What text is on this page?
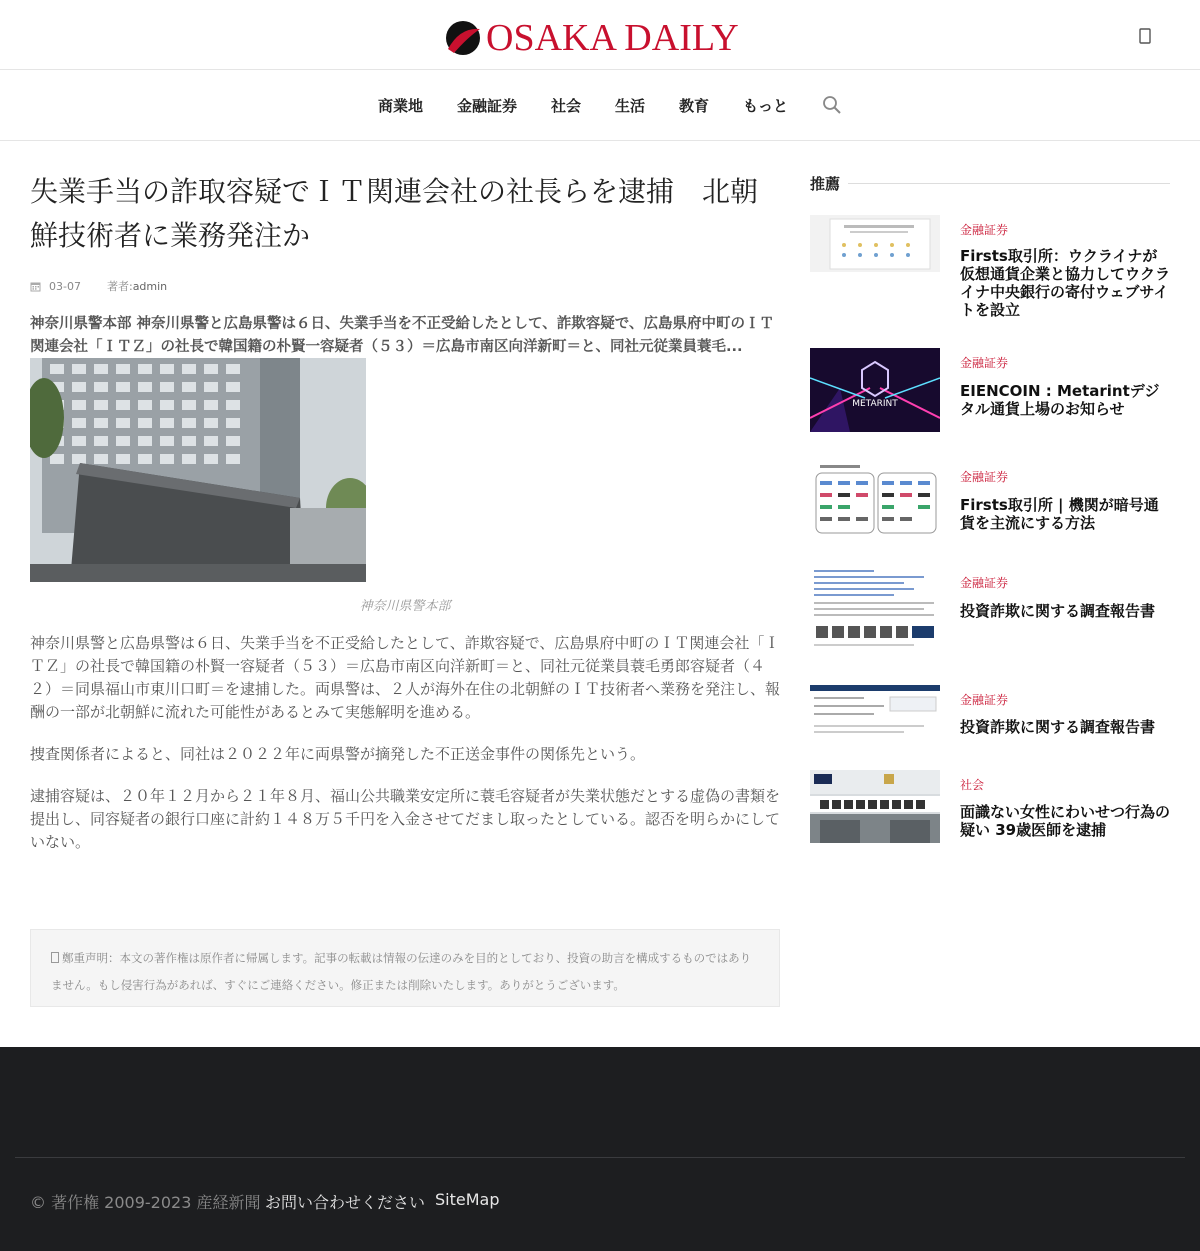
OSAKA DAILY
商業地 金融証券 社会 生活 教育 もっと
失業手当の詐取容疑でＩＴ関連会社の社長らを逮捕　北朝鮮技術者に業務発注か
03-07 著者: admin

神奈川県警本部 神奈川県警と広島県警は６日、失業手当を不正受給したとして、詐欺容疑で、広島県府中町のＩＴ関連会社「ＩＴＺ」の社長で韓国籍の朴賢一容疑者（５３）＝広島市南区向洋新町＝と、同社元従業員蓑毛...

神奈川県警本部

神奈川県警と広島県警は６日、失業手当を不正受給したとして、詐欺容疑で、広島県府中町のＩＴ関連会社「ＩＴＺ」の社長で韓国籍の朴賢一容疑者（５３）＝広島市南区向洋新町＝と、同社元従業員蓑毛勇郎容疑者（４２）＝同県福山市東川口町＝を逮捕した。両県警は、２人が海外在住の北朝鮮のＩＴ技術者へ業務を発注し、報酬の一部が北朝鮮に流れた可能性があるとみて実態解明を進める。

捜査関係者によると、同社は２０２２年に両県警が摘発した不正送金事件の関係先という。

逮捕容疑は、２０年１２月から２１年８月、福山公共職業安定所に蓑毛容疑者が失業状態だとする虚偽の書類を提出し、同容疑者の銀行口座に計約１４８万５千円を入金させてだまし取ったとしている。認否を明らかにしていない。

鄭重声明：本文の著作権は原作者に帰属します。記事の転載は情報の伝達のみを目的としており、投資の助言を構成するものではありません。もし侵害行為があれば、すぐにご連絡ください。修正または削除いたします。ありがとうございます。
推薦
金融証券
Firsts取引所：ウクライナが仮想通貨企業と協力してウクライナ中央銀行の寄付ウェブサイトを設立
METARINT
金融証券
EIENCOIN : Metarintデジタル通貨上場のお知らせ
金融証券
Firsts取引所 | 機関が暗号通貨を主流にする方法
金融証券
投資詐欺に関する調査報告書
金融証券
投資詐欺に関する調査報告書
社会
面識ない女性にわいせつ行為の疑い 39歳医師を逮捕
© 著作権 2009-2023 産経新聞 お問い合わせください SiteMap
